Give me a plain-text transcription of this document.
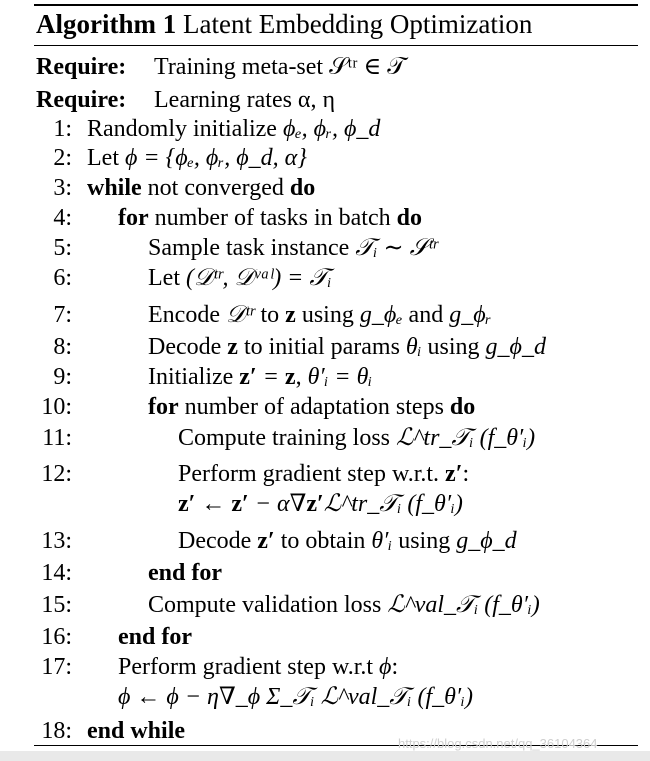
Algorithm 1 Latent Embedding Optimization
Require: Training meta-set 𝒮ᵗʳ ∈ 𝒯
Require: Learning rates α, η
1: Randomly initialize ϕₑ, ϕᵣ, ϕ_d
2: Let ϕ = {ϕₑ, ϕᵣ, ϕ_d, α}
3: while not converged do
4: for number of tasks in batch do
5:	Sample task instance 𝒯ᵢ ∼ 𝒮ᵗʳ
6:	Let (𝒟ᵗʳ, 𝒟ᵛᵃˡ) = 𝒯ᵢ
7:	Encode 𝒟ᵗʳ to z using g_ϕₑ and g_ϕᵣ
8:	Decode z to initial params θᵢ using g_ϕ_d
9:	Initialize z′ = z, θ′ᵢ = θᵢ
10:	for number of adaptation steps do
11:	Compute training loss ℒ^tr_𝒯ᵢ (f_θ′ᵢ)
12:	Perform gradient step w.r.t. z′:
z′ ← z′ − α∇z′ℒ^tr_𝒯ᵢ (f_θ′ᵢ)
13:	Decode z′ to obtain θ′ᵢ using g_ϕ_d
14:	end for
15:	Compute validation loss ℒ^val_𝒯ᵢ (f_θ′ᵢ)
16: end for
17: Perform gradient step w.r.t ϕ:
ϕ ← ϕ − η∇_ϕ Σ_𝒯ᵢ ℒ^val_𝒯ᵢ (f_θ′ᵢ)
18: end while	https://blog.csdn.net/qq_36104364
